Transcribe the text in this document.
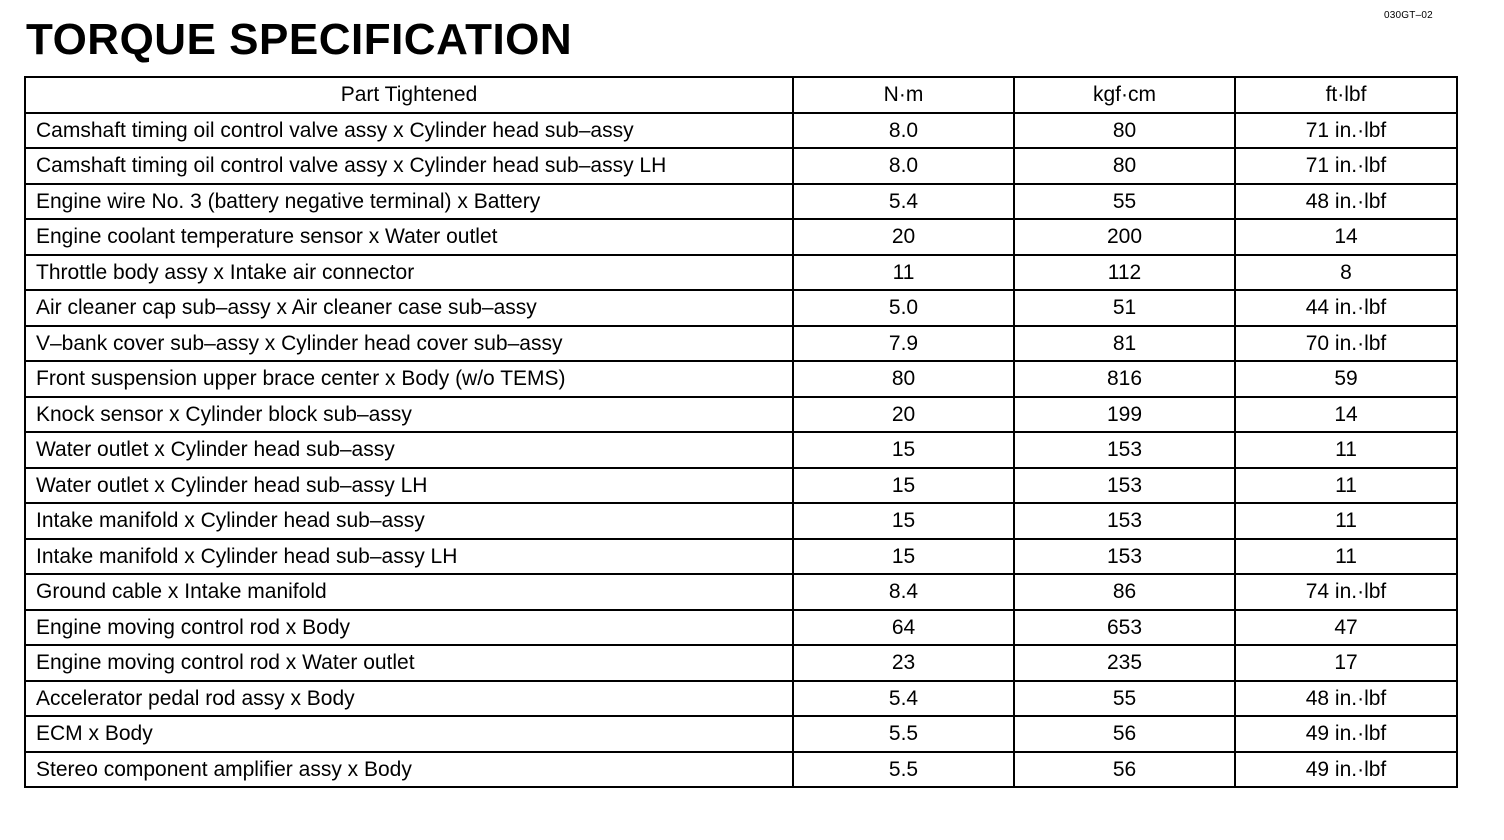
030GT–02
TORQUE SPECIFICATION
Part Tightened	N·m	kgf·cm	ft·lbf
Camshaft timing oil control valve assy x Cylinder head sub–assy	8.0	80	71 in.·lbf
Camshaft timing oil control valve assy x Cylinder head sub–assy LH	8.0	80	71 in.·lbf
Engine wire No. 3 (battery negative terminal) x Battery	5.4	55	48 in.·lbf
Engine coolant temperature sensor x Water outlet	20	200	14
Throttle body assy x Intake air connector	11	112	8
Air cleaner cap sub–assy x Air cleaner case sub–assy	5.0	51	44 in.·lbf
V–bank cover sub–assy x Cylinder head cover sub–assy	7.9	81	70 in.·lbf
Front suspension upper brace center x Body (w/o TEMS)	80	816	59
Knock sensor x Cylinder block sub–assy	20	199	14
Water outlet x Cylinder head sub–assy	15	153	11
Water outlet x Cylinder head sub–assy LH	15	153	11
Intake manifold x Cylinder head sub–assy	15	153	11
Intake manifold x Cylinder head sub–assy LH	15	153	11
Ground cable x Intake manifold	8.4	86	74 in.·lbf
Engine moving control rod x Body	64	653	47
Engine moving control rod x Water outlet	23	235	17
Accelerator pedal rod assy x Body	5.4	55	48 in.·lbf
ECM x Body	5.5	56	49 in.·lbf
Stereo component amplifier assy x Body	5.5	56	49 in.·lbf
